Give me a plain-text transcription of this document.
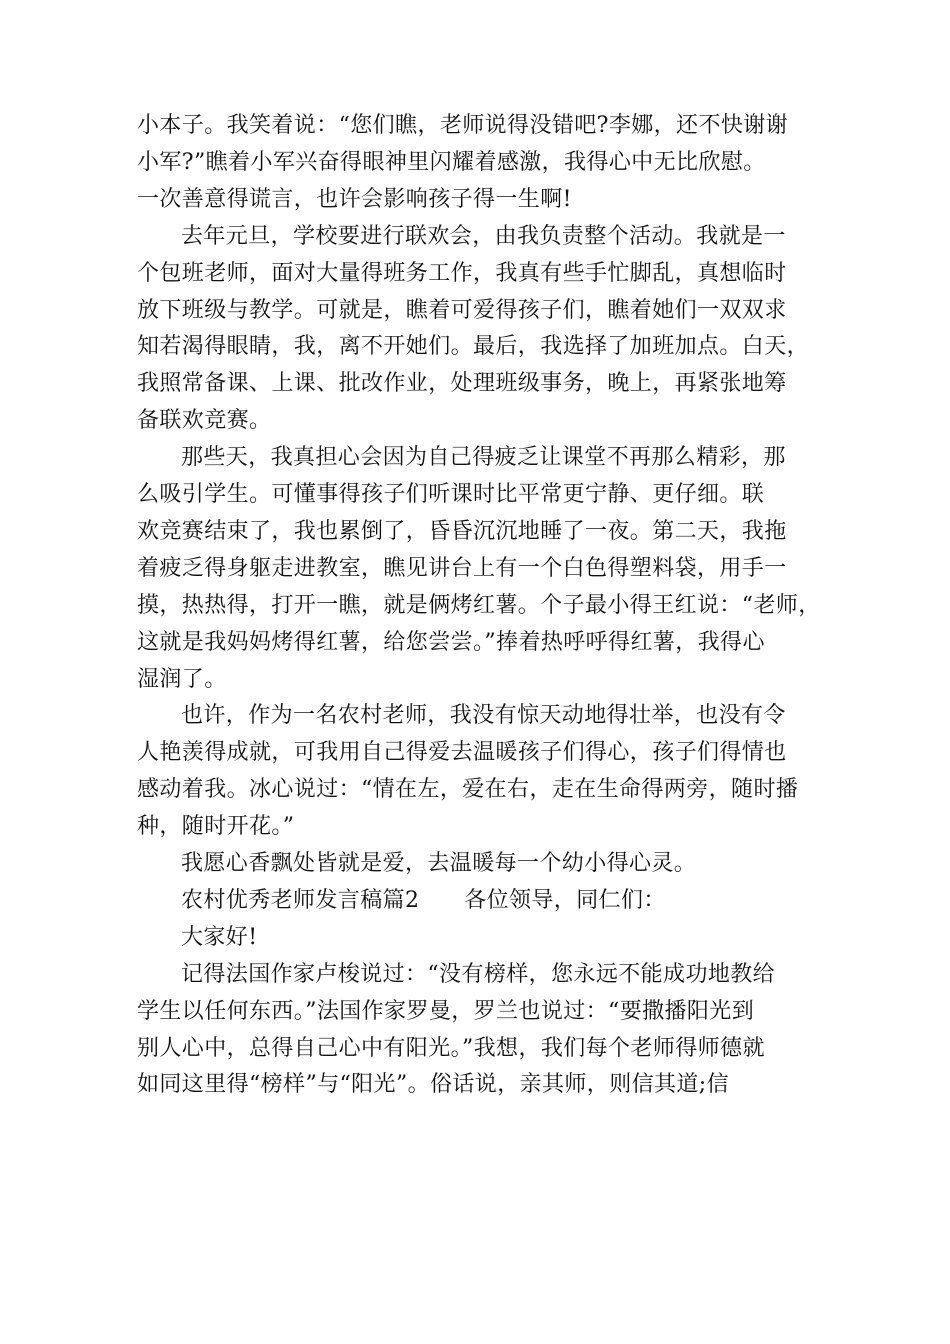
小本子。我笑着说：“您们瞧，老师说得没错吧?李娜，还不快谢谢
小军?”瞧着小军兴奋得眼神里闪耀着感激，我得心中无比欣慰。
一次善意得谎言，也许会影响孩子得一生啊!
去年元旦，学校要进行联欢会，由我负责整个活动。我就是一
个包班老师，面对大量得班务工作，我真有些手忙脚乱，真想临时
放下班级与教学。可就是，瞧着可爱得孩子们，瞧着她们一双双求
知若渴得眼睛，我，离不开她们。最后，我选择了加班加点。白天，
我照常备课、上课、批改作业，处理班级事务，晚上，再紧张地筹
备联欢竞赛。
那些天，我真担心会因为自己得疲乏让课堂不再那么精彩，那
么吸引学生。可懂事得孩子们听课时比平常更宁静、更仔细。联
欢竞赛结束了，我也累倒了，昏昏沉沉地睡了一夜。第二天，我拖
着疲乏得身躯走进教室，瞧见讲台上有一个白色得塑料袋，用手一
摸，热热得，打开一瞧，就是俩烤红薯。个子最小得王红说：“老师，
这就是我妈妈烤得红薯，给您尝尝。”捧着热呼呼得红薯，我得心
湿润了。
也许，作为一名农村老师，我没有惊天动地得壮举，也没有令
人艳羡得成就，可我用自己得爱去温暖孩子们得心，孩子们得情也
感动着我。冰心说过：“情在左，爱在右，走在生命得两旁，随时播
种，随时开花。”
我愿心香飘处皆就是爱，去温暖每一个幼小得心灵。
农村优秀老师发言稿篇2　　各位领导，同仁们：
大家好!
记得法国作家卢梭说过：“没有榜样，您永远不能成功地教给
学生以任何东西。”法国作家罗曼，罗兰也说过：“要撒播阳光到
别人心中，总得自己心中有阳光。”我想，我们每个老师得师德就
如同这里得“榜样”与“阳光”。俗话说，亲其师，则信其道;信
